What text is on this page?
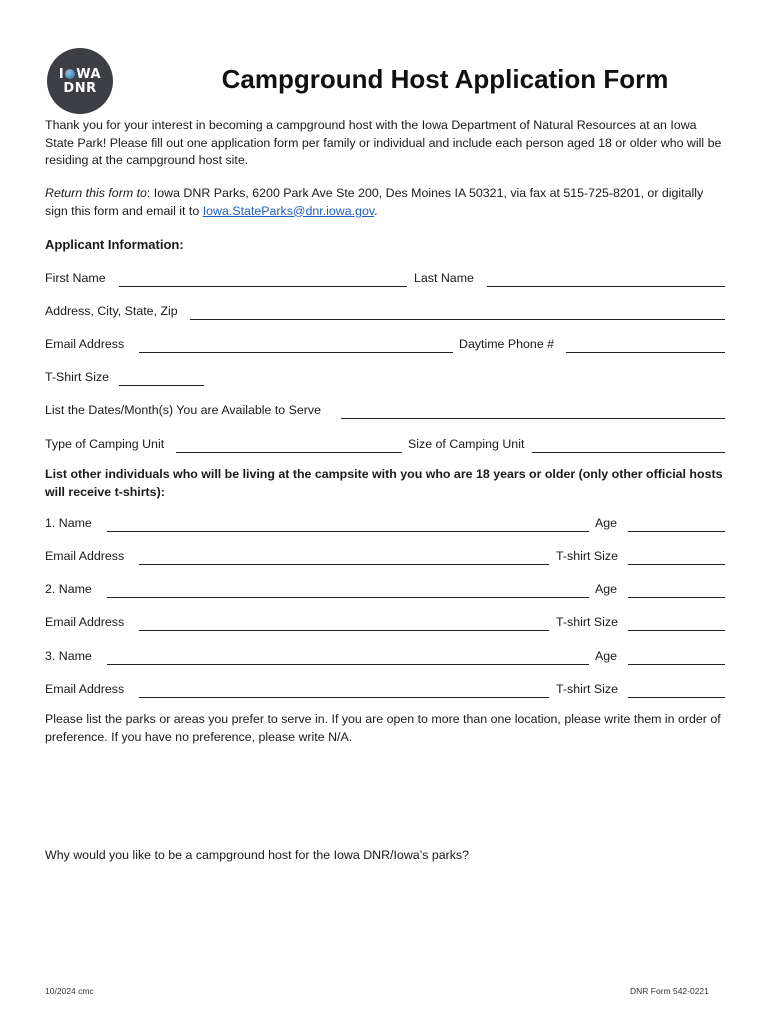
I WA
DNR	Campground Host Application Form
Thank you for your interest in becoming a campground host with the Iowa Department of Natural Resources at an Iowa State Park! Please fill out one application form per family or individual and include each person aged 18 or older who will be residing at the campground host site.
Return this form to: Iowa DNR Parks, 6200 Park Ave Ste 200, Des Moines IA 50321, via fax at 515-725-8201, or digitally sign this form and email it to Iowa.StateParks@dnr.iowa.gov.
Applicant Information:
First Name	Last Name
Address, City, State, Zip
Email Address	Daytime Phone #
T-Shirt Size
List the Dates/Month(s) You are Available to Serve
Type of Camping Unit	Size of Camping Unit
List other individuals who will be living at the campsite with you who are 18 years or older (only other official hosts will receive t-shirts):
1. Name	Age
Email Address	T-shirt Size
2. Name	Age
Email Address	T-shirt Size
3. Name	Age
Email Address	T-shirt Size
Please list the parks or areas you prefer to serve in. If you are open to more than one location, please write them in order of preference. If you have no preference, please write N/A.
Why would you like to be a campground host for the Iowa DNR/Iowa’s parks?
10/2024 cmc	DNR Form 542-0221
